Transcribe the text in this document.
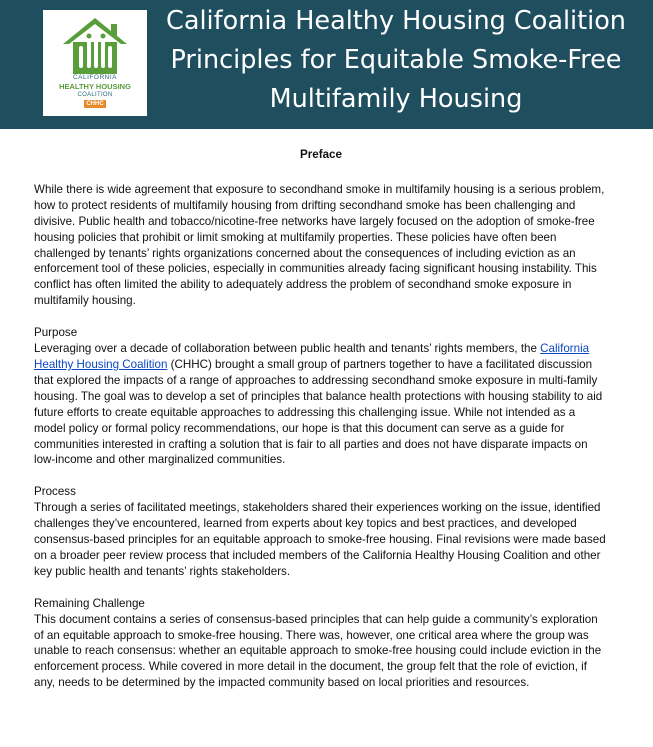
CALIFORNIA
HEALTHY HOUSING
COALITION
CHHC
California Healthy Housing Coalition
Principles for Equitable Smoke-Free
Multifamily Housing
Preface

While there is wide agreement that exposure to secondhand smoke in multifamily housing is a serious problem, how to protect residents of multifamily housing from drifting secondhand smoke has been challenging and divisive. Public health and tobacco/nicotine-free networks have largely focused on the adoption of smoke-free housing policies that prohibit or limit smoking at multifamily properties. These policies have often been challenged by tenants’ rights organizations concerned about the consequences of including eviction as an enforcement tool of these policies, especially in communities already facing significant housing instability. This conflict has often limited the ability to adequately address the problem of secondhand smoke exposure in multifamily housing.

Purpose

Leveraging over a decade of collaboration between public health and tenants’ rights members, the California Healthy Housing Coalition (CHHC) brought a small group of partners together to have a facilitated discussion that explored the impacts of a range of approaches to addressing secondhand smoke exposure in multi-family housing. The goal was to develop a set of principles that balance health protections with housing stability to aid future efforts to create equitable approaches to addressing this challenging issue. While not intended as a model policy or formal policy recommendations, our hope is that this document can serve as a guide for communities interested in crafting a solution that is fair to all parties and does not have disparate impacts on low-income and other marginalized communities.

Process

Through a series of facilitated meetings, stakeholders shared their experiences working on the issue, identified challenges they’ve encountered, learned from experts about key topics and best practices, and developed consensus-based principles for an equitable approach to smoke-free housing. Final revisions were made based on a broader peer review process that included members of the California Healthy Housing Coalition and other key public health and tenants’ rights stakeholders.

Remaining Challenge

This document contains a series of consensus-based principles that can help guide a community’s exploration of an equitable approach to smoke-free housing. There was, however, one critical area where the group was unable to reach consensus: whether an equitable approach to smoke-free housing could include eviction in the enforcement process. While covered in more detail in the document, the group felt that the role of eviction, if any, needs to be determined by the impacted community based on local priorities and resources.
